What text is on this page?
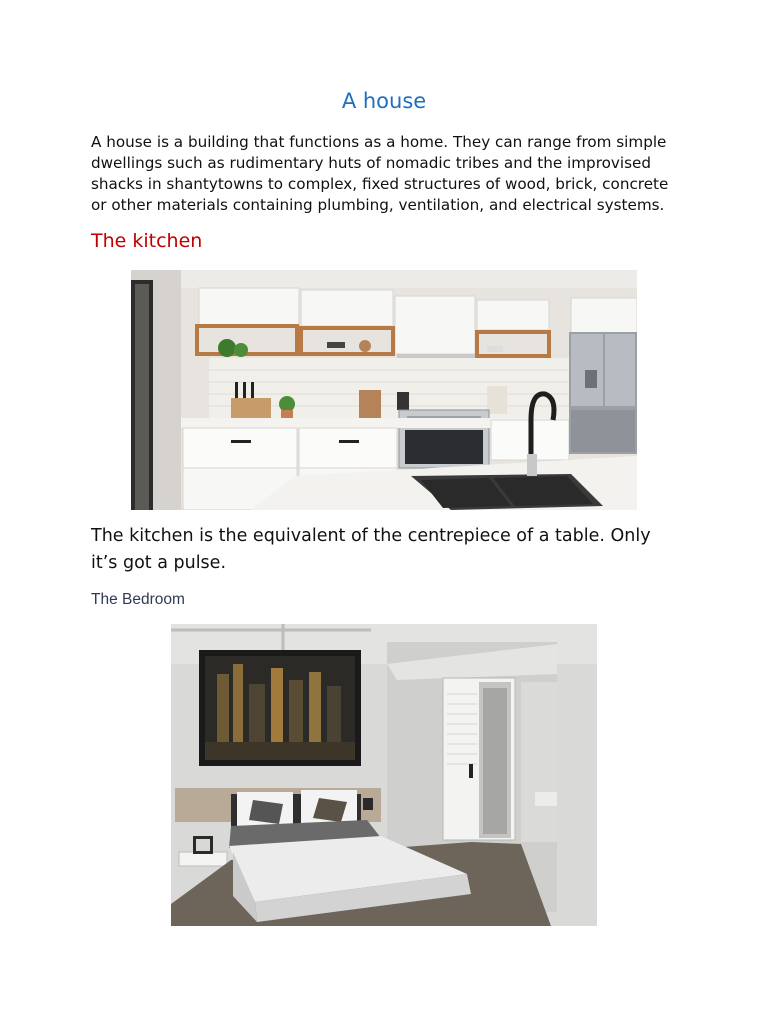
A house

A house is a building that functions as a home. They can range from simple dwellings such as rudimentary huts of nomadic tribes and the improvised shacks in shantytowns to complex, fixed structures of wood, brick, concrete or other materials containing plumbing, ventilation, and electrical systems.

The kitchen

The kitchen is the equivalent of the centrepiece of a table. Only it’s got a pulse.

The Bedroom
